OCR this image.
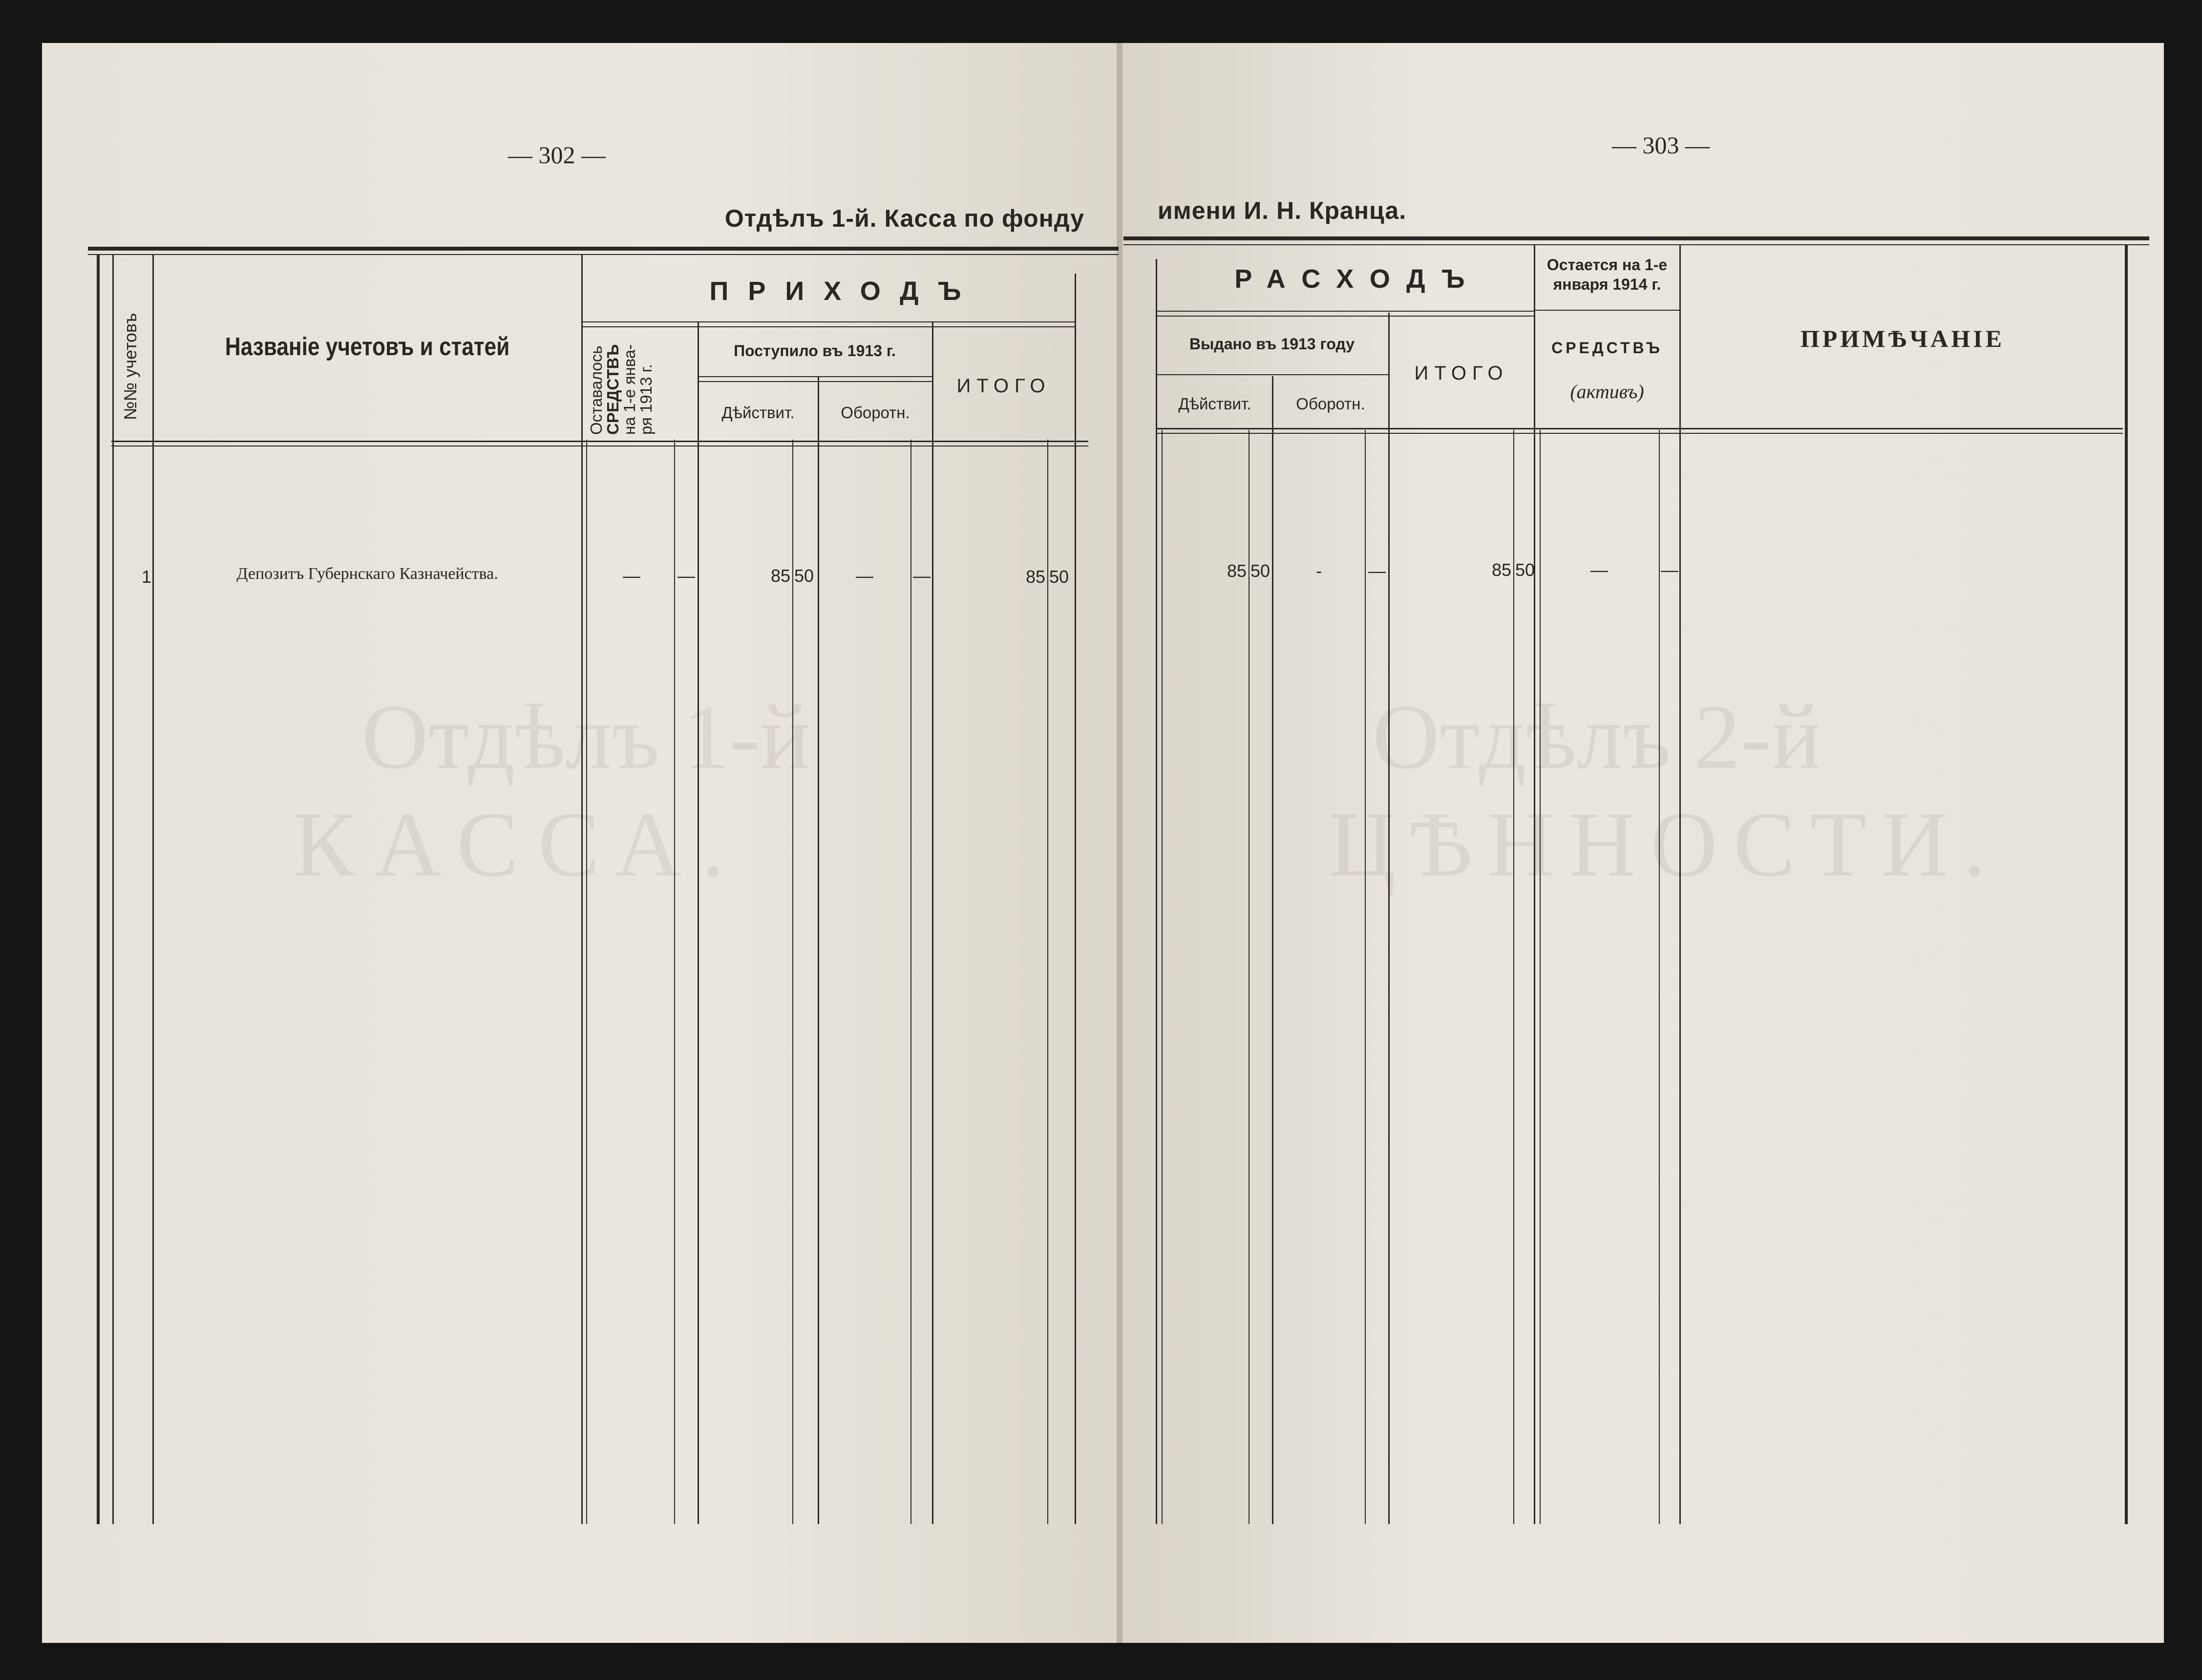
Отдѣлъ 1-й
КАССА.
Отдѣлъ 2-й
ЦѢННОСТИ.
— 302 —	— 303 —
Отдѣлъ 1-й. Касса по фонду	имени И. Н. Кранца.
№№ учетовъ	Названіе учетовъ и статей
ПРИХОДЪ
Оставалось
СРЕДСТВЪ
на 1-e янва-
ря 1913 г.
Поступило въ 1913 г.
Дѣйствит.	Оборотн.
ИТОГО
РАСХОДЪ
Выдано въ 1913 году
Дѣйствит.	Оборотн.
ИТОГО
Остается на 1-е января 1914 г.
СРЕДСТВЪ
(активъ)
ПРИМѢЧАНІЕ
1	Депозитъ Губернскаго Казначейства.	—	—	85 50	—	—	85 50	85 50	-	—	85 50	—	—
